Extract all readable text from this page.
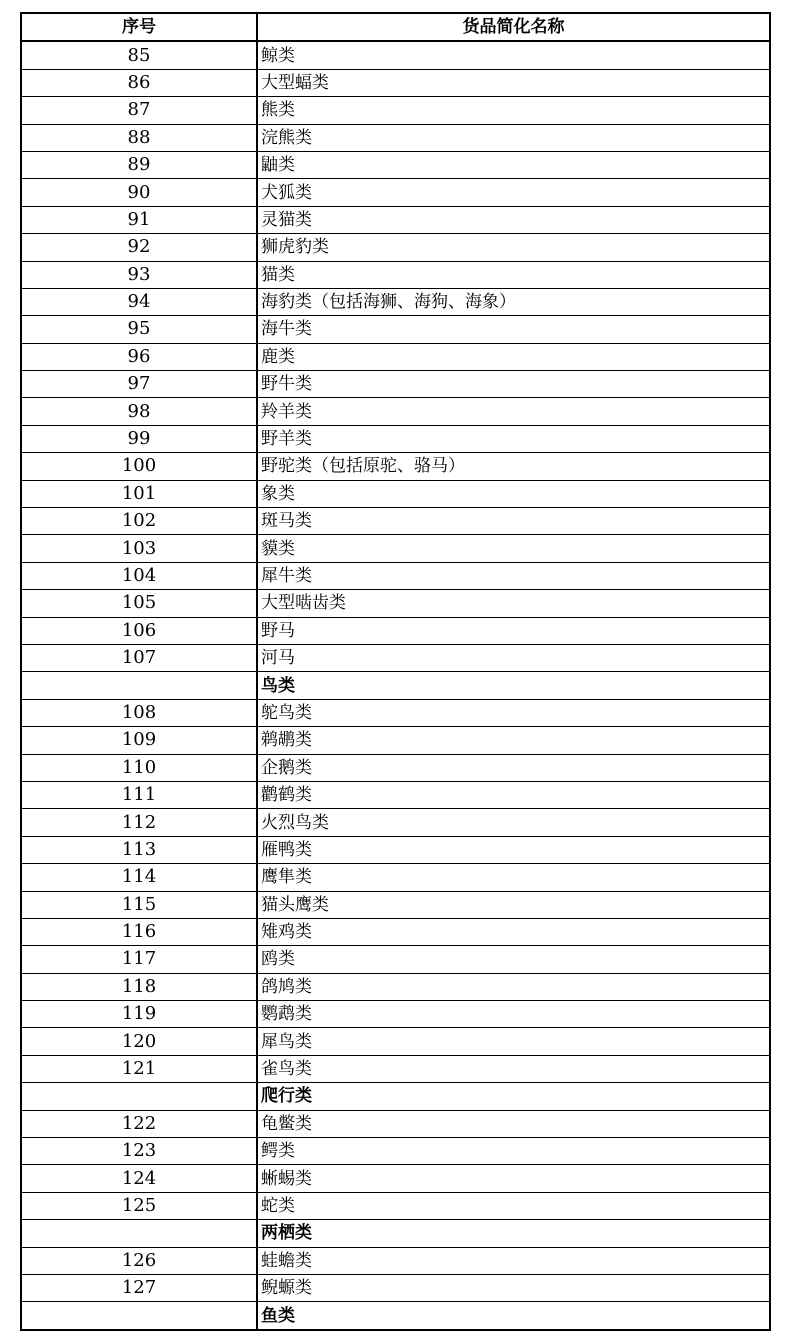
序号	货品简化名称
85	鲸类
86	大型蝠类
87	熊类
88	浣熊类
89	鼬类
90	犬狐类
91	灵猫类
92	狮虎豹类
93	猫类
94	海豹类（包括海狮、海狗、海象）
95	海牛类
96	鹿类
97	野牛类
98	羚羊类
99	野羊类
100	野驼类（包括原驼、骆马）
101	象类
102	斑马类
103	貘类
104	犀牛类
105	大型啮齿类
106	野马
107	河马
	鸟类
108	鸵鸟类
109	鹈鹕类
110	企鹅类
111	鹳鹤类
112	火烈鸟类
113	雁鸭类
114	鹰隼类
115	猫头鹰类
116	雉鸡类
117	鸥类
118	鸽鸠类
119	鹦鹉类
120	犀鸟类
121	雀鸟类
	爬行类
122	龟鳖类
123	鳄类
124	蜥蜴类
125	蛇类
	两栖类
126	蛙蟾类
127	鲵螈类
	鱼类
